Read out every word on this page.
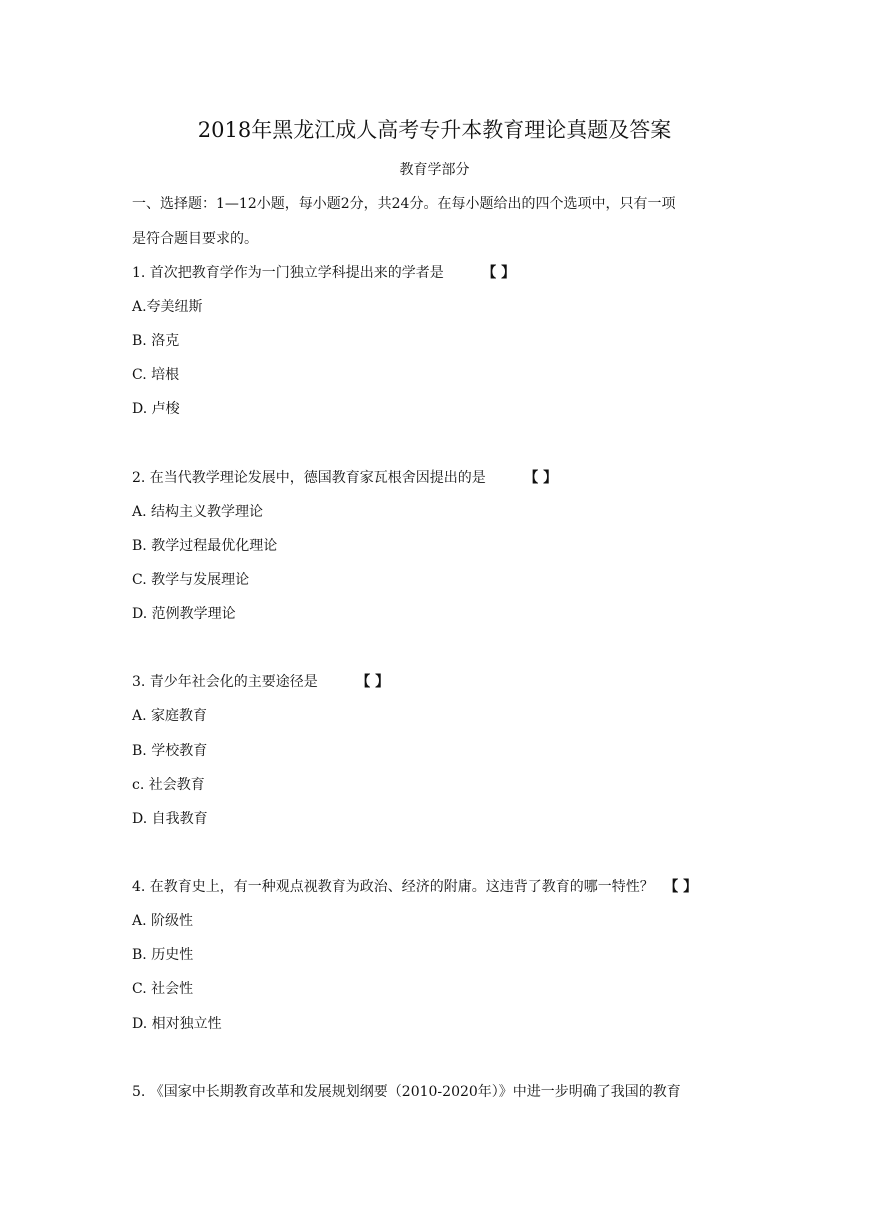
2018年黑龙江成人高考专升本教育理论真题及答案
教育学部分
一、选择题：1—12小题，每小题2分，共24分。在每小题给出的四个选项中，只有一项
是符合题目要求的。
1. 首次把教育学作为一门独立学科提出来的学者是	【 】
A.夸美纽斯
B. 洛克
C. 培根
D. 卢梭
2. 在当代教学理论发展中，德国教育家瓦根舍因提出的是	【 】
A. 结构主义教学理论
B. 教学过程最优化理论
C. 教学与发展理论
D. 范例教学理论
3. 青少年社会化的主要途径是	【 】
A. 家庭教育
B. 学校教育
c. 社会教育
D. 自我教育
4. 在教育史上，有一种观点视教育为政治、经济的附庸。这违背了教育的哪一特性？ 【 】
A. 阶级性
B. 历史性
C. 社会性
D. 相对独立性
5. 《国家中长期教育改革和发展规划纲要（2010-2020年）》中进一步明确了我国的教育
